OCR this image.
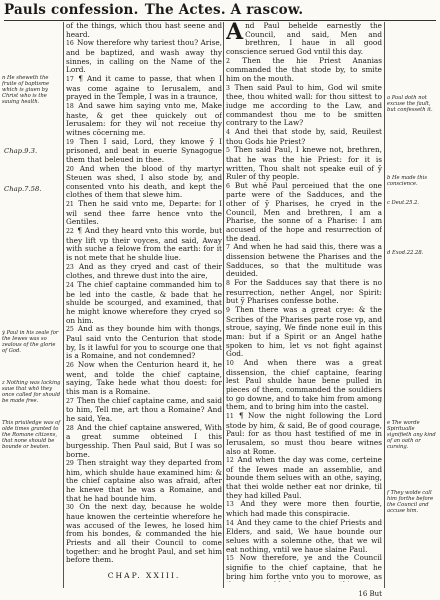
Pauls confession. The Actes. A rascow.
n He sheweth the fruite of baptisme which is giuen by Christ who is the sauing health.
Chap.9.3.
Chap.7.58.
ẏ Paul in his zeale for the Iewes was so zealous of the glorie of God.
z Nothing was lacking saue that whō they once called for should be made free.
This priuiledge was of olde times granted to the Romane citizens, that none should be bounde or beaten.
a Paul doth not excuse the fault, but confesseth it.
b He made this conscience.
c Deut.25.2.
d Exod.22.28.
e The worde Spiritualle signifieth any kind of an oath or cursing.
f They wolde call him forthe before the Council and accuse him.

of the things, which thou hast seene and heard.

16 Now therefore why tariest thou? Arise, and be baptized, and wash away thy sinnes, in calling on the Name of the Lord.

17 ¶ And it came to passe, that when I was come againe to Ierusalem, and prayed in the Temple, I was in a traunce,

18 And sawe him saying vnto me, Make haste, & get thee quickely out of Ierusalem: for they wil not receiue thy witnes cōcerning me.

19 Then I said, Lord, they knowe ỹ I prisoned, and beat in euerie Synagogue them that beleued in thee.

20 And when the blood of thy martyr Steuen was shed, I also stode by, and consented vnto his death, and kept the clothes of them that slewe him.

21 Then he said vnto me, Departe: for I wil send thee farre hence vnto the Gentiles.

22 ¶ And they heard vnto this worde, but they lift vp their voyces, and said, Away with suche a felowe from the earth: for it is not mete that he shulde liue.

23 And as they cryed and cast of their clothes, and threwe dust into the aire,

24 The chief captaine commanded him to be led into the castle, & bade that he shulde be scourged, and examined, that he might knowe wherefore they cryed so on him.

25 And as they bounde him with thongs, Paul said vnto the Centurion that stode by, Is it lawful for you to scourge one that is a Romaine, and not condemned?

26 Now when the Centurion heard it, he went, and tolde the chief captaine, saying, Take hede what thou doest: for this man is a Romaine.

27 Then the chief captaine came, and said to him, Tell me, art thou a Romaine? And he said, Yea.

28 And the chief captaine answered, With a great summe obteined I this burgesship. Then Paul said, But I was so borne.

29 Then straight way they departed from him, which shulde haue examined him: & the chief captaine also was afraid, after he knewe that he was a Romaine, and that he had bounde him.

30 On the next day, because he wolde haue knowen the certeintie wherefore he was accused of the Iewes, he losed him from his bondes, & commanded the hie Priests and all their Council to come together: and he broght Paul, and set him before them.

CHAP. XXIII.

And Paul behelde earnestly the Council, and said, Men and brethren, I haue in all good conscience serued God vntil this day.

2 Then the hie Priest Ananias commanded the that stode by, to smite him on the mouth.

3 Then said Paul to him, God wil smite thee, thou whited wall: for thou sittest to iudge me according to the Law, and commandest thou me to be smitten contrary to the Law?

4 And thei that stode by, said, Reuilest thou Gods hie Priest?

5 Then said Paul, I knewe not, brethren, that he was the hie Priest: for it is written, Thou shalt not speake euil of ỹ Ruler of thy people.

6 But whē Paul perceiued that the one parte were of the Sadduces, and the other of ỹ Pharises, he cryed in the Council, Men and brethren, I am a Pharise, the sonne of a Pharise: I am accused of the hope and resurrection of the dead.

7 And when he had said this, there was a dissension betwene the Pharises and the Sadduces, so that the multitude was deuided.

8 For the Sadduces say that there is no resurrection, nether Angel, nor Spirit: but ỹ Pharises confesse bothe.

9 Then there was a great crye: & the Scribes of the Pharises parte rose vp, and stroue, saying, We finde none euil in this man: but if a Spirit or an Angel hathe spoken to him, let vs not fight against God.

10 And when there was a great dissension, the chief captaine, fearing lest Paul shulde haue bene pulled in pieces of them, commanded the souldiers to go downe, and to take him from among them, and to bring him into the castel.

11 ¶ Now the night following the Lord stode by him, & said, Be of good courage, Paul: for as thou hast testified of me in Ierusalem, so must thou beare witnes also at Rome.

12 And when the day was come, certeine of the Iewes made an assemblie, and bounde them selues with an othe, saying, that thei wolde nether eat nor drinke, til they had killed Paul.

13 And they were more then fourtie, which had made this conspiracie.

14 And they came to the chief Priests and Elders, and said, We haue bounde our selues with a solemne othe, that we wil eat nothing, vntil we haue slaine Paul.

15 Now therefore, ye and the Council signifie to the chief captaine, that he bring him forthe vnto you to morowe, as

16 But
